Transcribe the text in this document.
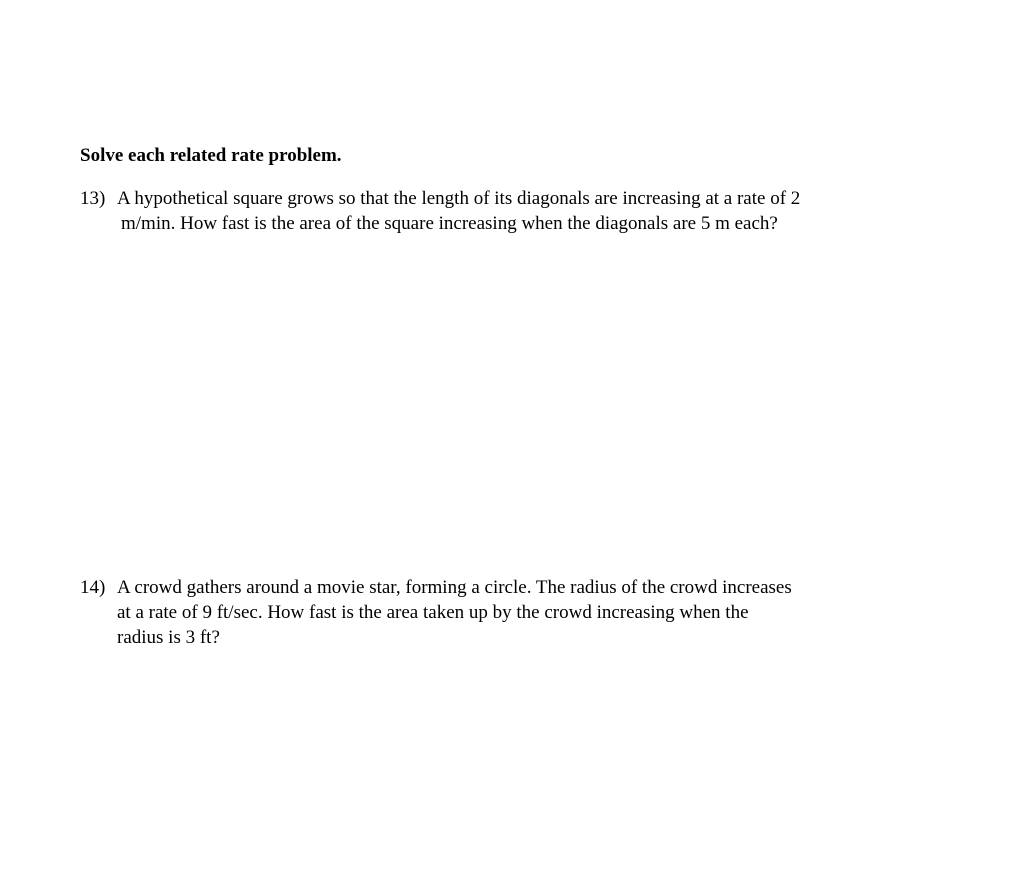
Solve each related rate problem.
13) A hypothetical square grows so that the length of its diagonals are increasing at a rate of 2
m/min. How fast is the area of the square increasing when the diagonals are 5 m each?
14) A crowd gathers around a movie star, forming a circle. The radius of the crowd increases
at a rate of 9 ft/sec. How fast is the area taken up by the crowd increasing when the
radius is 3 ft?
